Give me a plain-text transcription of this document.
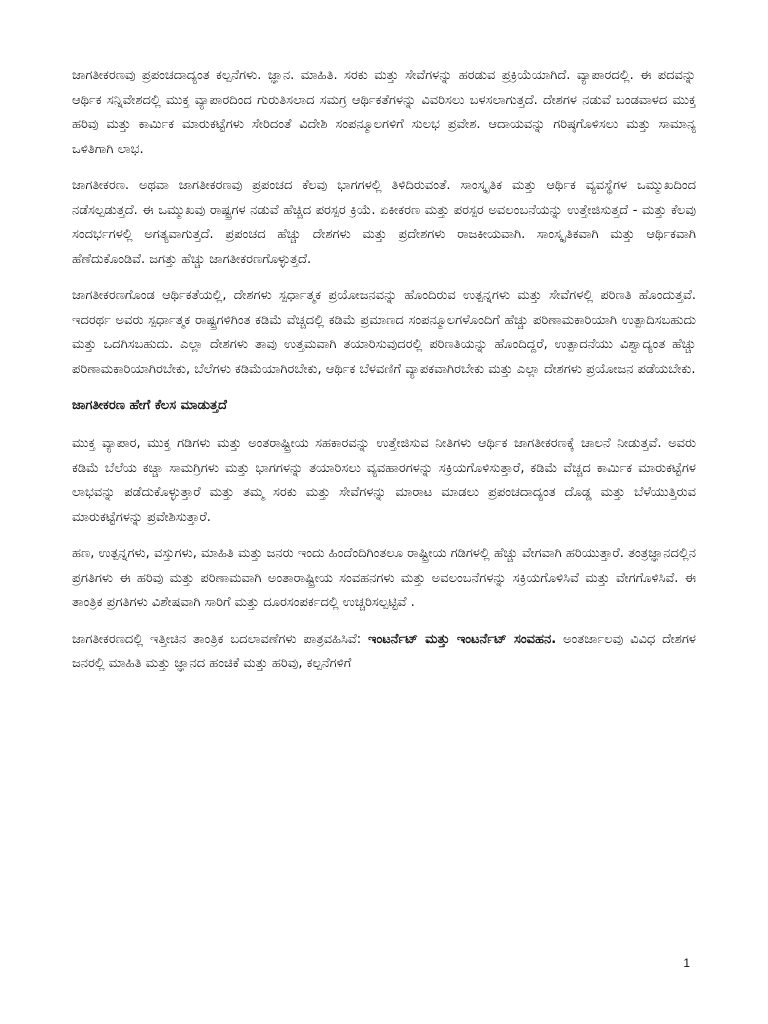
ಜಾಗತೀಕರಣವು ಪ್ರಪಂಚದಾದ್ಯಂತ ಕಲ್ಪನೆಗಳು. ಜ್ಞಾನ. ಮಾಹಿತಿ. ಸರಕು ಮತ್ತು ಸೇವೆಗಳನ್ನು ಹರಡುವ ಪ್ರಕ್ರಿಯೆಯಾಗಿದೆ. ವ್ಯಾಪಾರದಲ್ಲಿ. ಈ ಪದವನ್ನು ಆರ್ಥಿಕ ಸನ್ನಿವೇಶದಲ್ಲಿ ಮುಕ್ತ ವ್ಯಾಪಾರದಿಂದ ಗುರುತಿಸಲಾದ ಸಮಗ್ರ ಆರ್ಥಿಕತೆಗಳನ್ನು ವಿವರಿಸಲು ಬಳಸಲಾಗುತ್ತದೆ. ದೇಶಗಳ ನಡುವೆ ಬಂಡವಾಳದ ಮುಕ್ತ ಹರಿವು ಮತ್ತು ಕಾರ್ಮಿಕ ಮಾರುಕಟ್ಟೆಗಳು ಸೇರಿದಂತೆ ವಿದೇಶಿ ಸಂಪನ್ಮೂಲಗಳಿಗೆ ಸುಲಭ ಪ್ರವೇಶ. ಆದಾಯವನ್ನು ಗರಿಷ್ಠಗೊಳಿಸಲು ಮತ್ತು ಸಾಮಾನ್ಯ ಒಳಿತಿಗಾಗಿ ಲಾಭ.

ಜಾಗತೀಕರಣ. ಅಥವಾ ಜಾಗತೀಕರಣವು ಪ್ರಪಂಚದ ಕೆಲವು ಭಾಗಗಳಲ್ಲಿ ತಿಳಿದಿರುವಂತೆ. ಸಾಂಸ್ಕೃತಿಕ ಮತ್ತು ಆರ್ಥಿಕ ವ್ಯವಸ್ಥೆಗಳ ಒಮ್ಮುಖದಿಂದ ನಡೆಸಲ್ಪಡುತ್ತದೆ. ಈ ಒಮ್ಮುಖವು ರಾಷ್ಟ್ರಗಳ ನಡುವೆ ಹೆಚ್ಚಿದ ಪರಸ್ಪರ ಕ್ರಿಯೆ. ಏಕೀಕರಣ ಮತ್ತು ಪರಸ್ಪರ ಅವಲಂಬನೆಯನ್ನು ಉತ್ತೇಜಿಸುತ್ತದೆ - ಮತ್ತು ಕೆಲವು ಸಂದರ್ಭಗಳಲ್ಲಿ ಅಗತ್ಯವಾಗುತ್ತದೆ. ಪ್ರಪಂಚದ ಹೆಚ್ಚು ದೇಶಗಳು ಮತ್ತು ಪ್ರದೇಶಗಳು ರಾಜಕೀಯವಾಗಿ. ಸಾಂಸ್ಕೃತಿಕವಾಗಿ ಮತ್ತು ಆರ್ಥಿಕವಾಗಿ ಹೆಣೆದುಕೊಂಡಿವೆ. ಜಗತ್ತು ಹೆಚ್ಚು ಜಾಗತೀಕರಣಗೊಳ್ಳುತ್ತದೆ.

ಜಾಗತೀಕರಣಗೊಂಡ ಆರ್ಥಿಕತೆಯಲ್ಲಿ, ದೇಶಗಳು ಸ್ಪರ್ಧಾತ್ಮಕ ಪ್ರಯೋಜನವನ್ನು ಹೊಂದಿರುವ ಉತ್ಪನ್ನಗಳು ಮತ್ತು ಸೇವೆಗಳಲ್ಲಿ ಪರಿಣತಿ ಹೊಂದುತ್ತವೆ. ಇದರರ್ಥ ಅವರು ಸ್ಪರ್ಧಾತ್ಮಕ ರಾಷ್ಟ್ರಗಳಿಗಿಂತ ಕಡಿಮೆ ವೆಚ್ಚದಲ್ಲಿ ಕಡಿಮೆ ಪ್ರಮಾಣದ ಸಂಪನ್ಮೂಲಗಳೊಂದಿಗೆ ಹೆಚ್ಚು ಪರಿಣಾಮಕಾರಿಯಾಗಿ ಉತ್ಪಾದಿಸಬಹುದು ಮತ್ತು ಒದಗಿಸಬಹುದು. ಎಲ್ಲಾ ದೇಶಗಳು ತಾವು ಉತ್ತಮವಾಗಿ ತಯಾರಿಸುವುದರಲ್ಲಿ ಪರಿಣತಿಯನ್ನು ಹೊಂದಿದ್ದರೆ, ಉತ್ಪಾದನೆಯು ವಿಶ್ವಾದ್ಯಂತ ಹೆಚ್ಚು ಪರಿಣಾಮಕಾರಿಯಾಗಿರಬೇಕು, ಬೆಲೆಗಳು ಕಡಿಮೆಯಾಗಿರಬೇಕು, ಆರ್ಥಿಕ ಬೆಳವಣಿಗೆ ವ್ಯಾಪಕವಾಗಿರಬೇಕು ಮತ್ತು ಎಲ್ಲಾ ದೇಶಗಳು ಪ್ರಯೋಜನ ಪಡೆಯಬೇಕು.

ಜಾಗತೀಕರಣ ಹೇಗೆ ಕೆಲಸ ಮಾಡುತ್ತದೆ

ಮುಕ್ತ ವ್ಯಾಪಾರ, ಮುಕ್ತ ಗಡಿಗಳು ಮತ್ತು ಅಂತರಾಷ್ಟ್ರೀಯ ಸಹಕಾರವನ್ನು ಉತ್ತೇಜಿಸುವ ನೀತಿಗಳು ಆರ್ಥಿಕ ಜಾಗತೀಕರಣಕ್ಕೆ ಚಾಲನೆ ನೀಡುತ್ತವೆ. ಅವರು ಕಡಿಮೆ ಬೆಲೆಯ ಕಚ್ಚಾ ಸಾಮಗ್ರಿಗಳು ಮತ್ತು ಭಾಗಗಳನ್ನು ತಯಾರಿಸಲು ವ್ಯವಹಾರಗಳನ್ನು ಸಕ್ರಿಯಗೊಳಿಸುತ್ತಾರೆ, ಕಡಿಮೆ ವೆಚ್ಚದ ಕಾರ್ಮಿಕ ಮಾರುಕಟ್ಟೆಗಳ ಲಾಭವನ್ನು ಪಡೆದುಕೊಳ್ಳುತ್ತಾರೆ ಮತ್ತು ತಮ್ಮ ಸರಕು ಮತ್ತು ಸೇವೆಗಳನ್ನು ಮಾರಾಟ ಮಾಡಲು ಪ್ರಪಂಚದಾದ್ಯಂತ ದೊಡ್ಡ ಮತ್ತು ಬೆಳೆಯುತ್ತಿರುವ ಮಾರುಕಟ್ಟೆಗಳನ್ನು ಪ್ರವೇಶಿಸುತ್ತಾರೆ.

ಹಣ, ಉತ್ಪನ್ನಗಳು, ವಸ್ತುಗಳು, ಮಾಹಿತಿ ಮತ್ತು ಜನರು ಇಂದು ಹಿಂದೆಂದಿಗಿಂತಲೂ ರಾಷ್ಟ್ರೀಯ ಗಡಿಗಳಲ್ಲಿ ಹೆಚ್ಚು ವೇಗವಾಗಿ ಹರಿಯುತ್ತಾರೆ. ತಂತ್ರಜ್ಞಾನದಲ್ಲಿನ ಪ್ರಗತಿಗಳು ಈ ಹರಿವು ಮತ್ತು ಪರಿಣಾಮವಾಗಿ ಅಂತಾರಾಷ್ಟ್ರೀಯ ಸಂವಹನಗಳು ಮತ್ತು ಅವಲಂಬನೆಗಳನ್ನು ಸಕ್ರಿಯಗೊಳಿಸಿವೆ ಮತ್ತು ವೇಗಗೊಳಿಸಿವೆ. ಈ ತಾಂತ್ರಿಕ ಪ್ರಗತಿಗಳು ವಿಶೇಷವಾಗಿ ಸಾರಿಗೆ ಮತ್ತು ದೂರಸಂಪರ್ಕದಲ್ಲಿ ಉಚ್ಚರಿಸಲ್ಪಟ್ಟಿವೆ .

ಜಾಗತೀಕರಣದಲ್ಲಿ ಇತ್ತೀಚಿನ ತಾಂತ್ರಿಕ ಬದಲಾವಣೆಗಳು ಪಾತ್ರವಹಿಸಿವೆ: ಇಂಟರ್ನೆಟ್ ಮತ್ತು ಇಂಟರ್ನೆಟ್ ಸಂವಹನ. ಅಂತರ್ಜಾಲವು ವಿವಿಧ ದೇಶಗಳ ಜನರಲ್ಲಿ ಮಾಹಿತಿ ಮತ್ತು ಜ್ಞಾನದ ಹಂಚಿಕೆ ಮತ್ತು ಹರಿವು, ಕಲ್ಪನೆಗಳಿಗೆ

1
